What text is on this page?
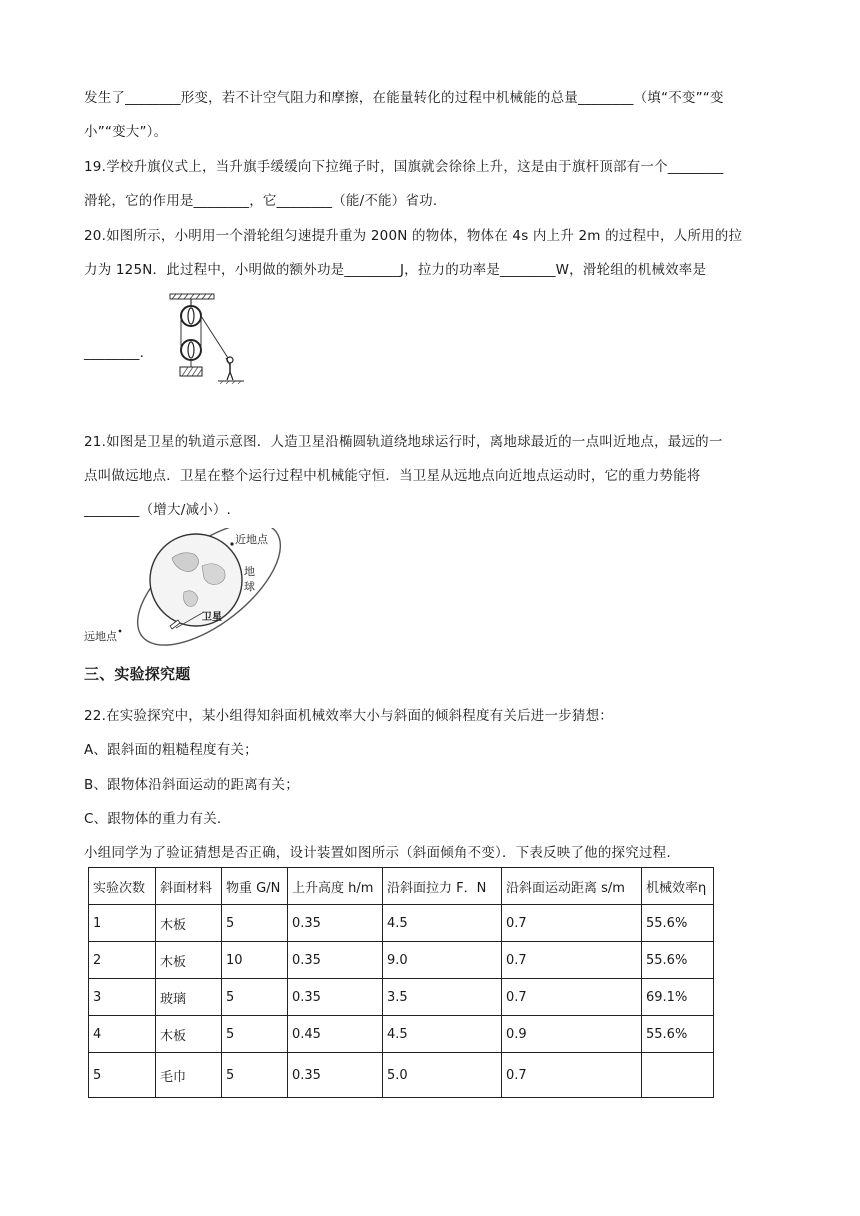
发生了________形变，若不计空气阻力和摩擦，在能量转化的过程中机械能的总量________（填“不变”“变
小”“变大”）。
19.学校升旗仪式上，当升旗手缓缓向下拉绳子时，国旗就会徐徐上升，这是由于旗杆顶部有一个________
滑轮，它的作用是________，它________（能/不能）省功.
20.如图所示，小明用一个滑轮组匀速提升重为 200N 的物体，物体在 4s 内上升 2m 的过程中，人所用的拉
力为 125N．此过程中，小明做的额外功是________J，拉力的功率是________W，滑轮组的机械效率是
________.
21.如图是卫星的轨道示意图．人造卫星沿椭圆轨道绕地球运行时，离地球最近的一点叫近地点，最远的一
点叫做远地点．卫星在整个运行过程中机械能守恒．当卫星从远地点向近地点运动时，它的重力势能将
________（增大/减小）.
近地点
地
球
卫星
远地点
三、实验探究题
22.在实验探究中，某小组得知斜面机械效率大小与斜面的倾斜程度有关后进一步猜想：
A、跟斜面的粗糙程度有关；
B、跟物体沿斜面运动的距离有关；
C、跟物体的重力有关.
小组同学为了验证猜想是否正确，设计装置如图所示（斜面倾角不变）．下表反映了他的探究过程.
实验次数	斜面材料	物重 G/N	上升高度 h/m	沿斜面拉力 F．N	沿斜面运动距离 s/m	机械效率η
1	木板	5	0.35	4.5	0.7	55.6%
2	木板	10	0.35	9.0	0.7	55.6%
3	玻璃	5	0.35	3.5	0.7	69.1%
4	木板	5	0.45	4.5	0.9	55.6%
5	毛巾	5	0.35	5.0	0.7	
